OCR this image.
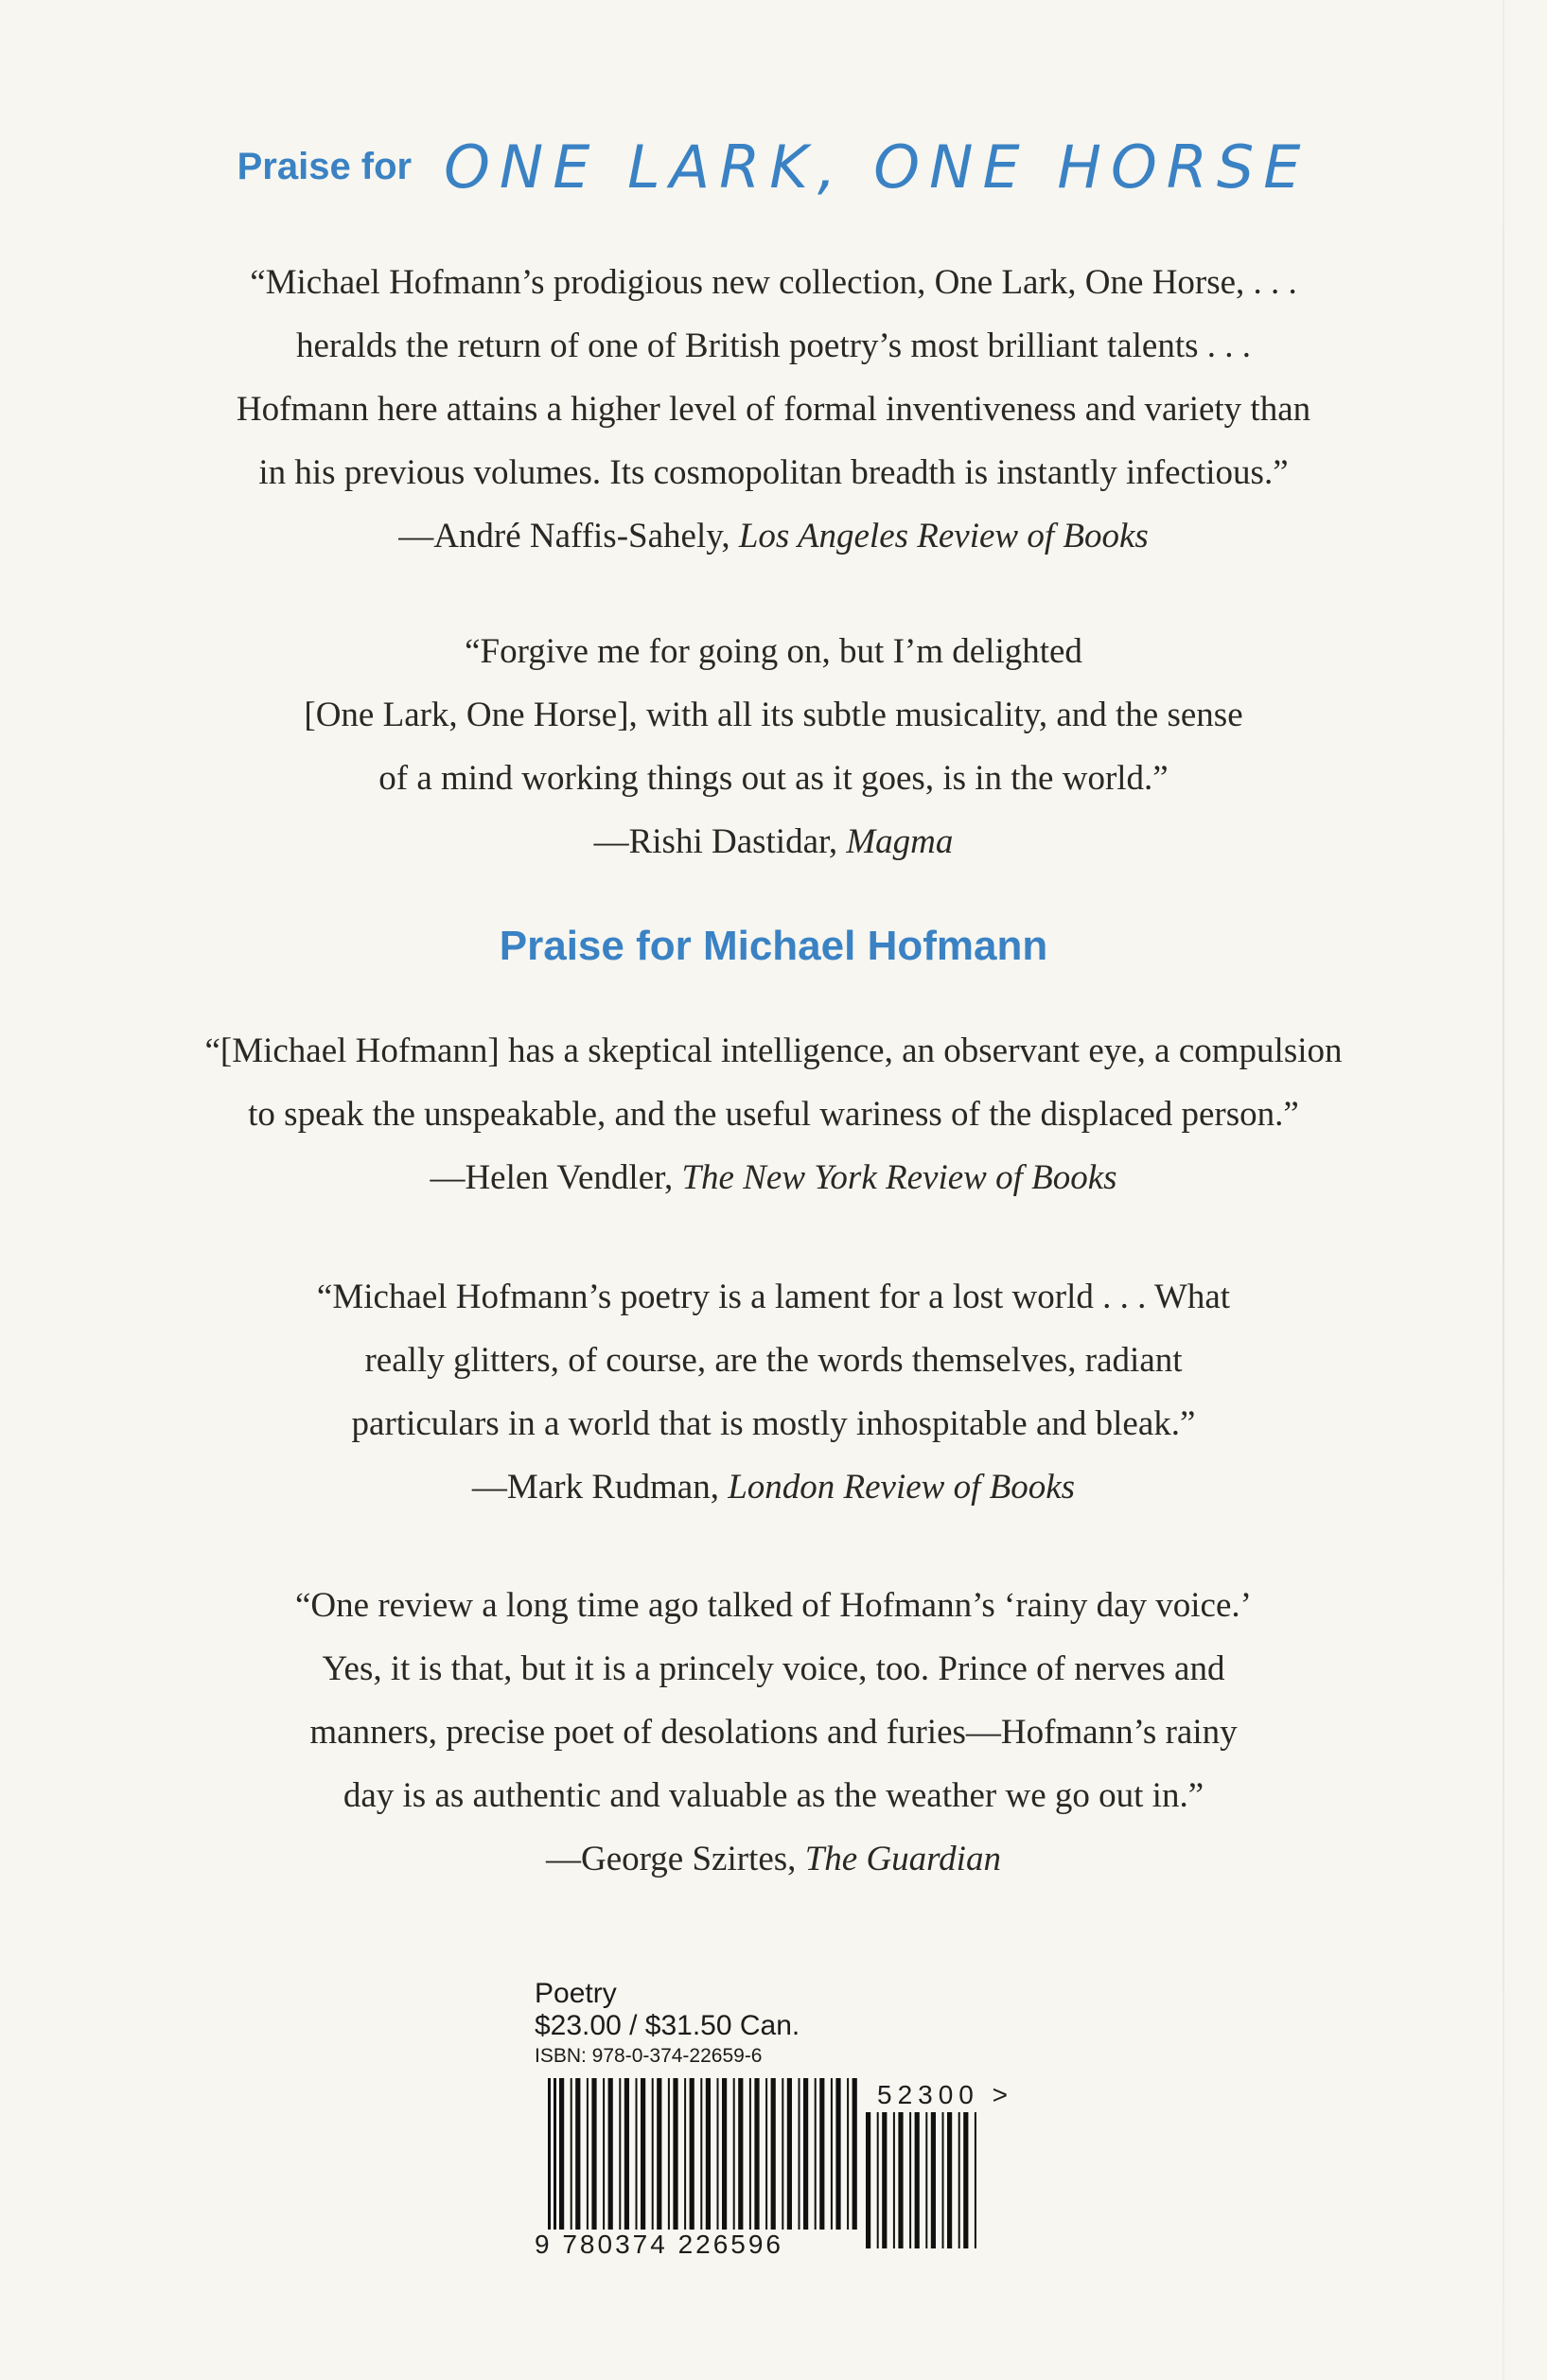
Praise for ONE LARK, ONE HORSE

“Michael Hofmann’s prodigious new collection, One Lark, One Horse, . . .

heralds the return of one of British poetry’s most brilliant talents . . .

Hofmann here attains a higher level of formal inventiveness and variety than

in his previous volumes. Its cosmopolitan breadth is instantly infectious.”

—André Naffis-Sahely, Los Angeles Review of Books

“Forgive me for going on, but I’m delighted

[One Lark, One Horse], with all its subtle musicality, and the sense

of a mind working things out as it goes, is in the world.”

—Rishi Dastidar, Magma

Praise for Michael Hofmann

“[Michael Hofmann] has a skeptical intelligence, an observant eye, a compulsion

to speak the unspeakable, and the useful wariness of the displaced person.”

—Helen Vendler, The New York Review of Books

“Michael Hofmann’s poetry is a lament for a lost world . . . What

really glitters, of course, are the words themselves, radiant

particulars in a world that is mostly inhospitable and bleak.”

—Mark Rudman, London Review of Books

“One review a long time ago talked of Hofmann’s ‘rainy day voice.’

Yes, it is that, but it is a princely voice, too. Prince of nerves and

manners, precise poet of desolations and furies—Hofmann’s rainy

day is as authentic and valuable as the weather we go out in.”

—George Szirtes, The Guardian

Poetry
$23.00 / $31.50 Can.
ISBN: 978-0-374-22659-6
9 780374 226596
52300 >
